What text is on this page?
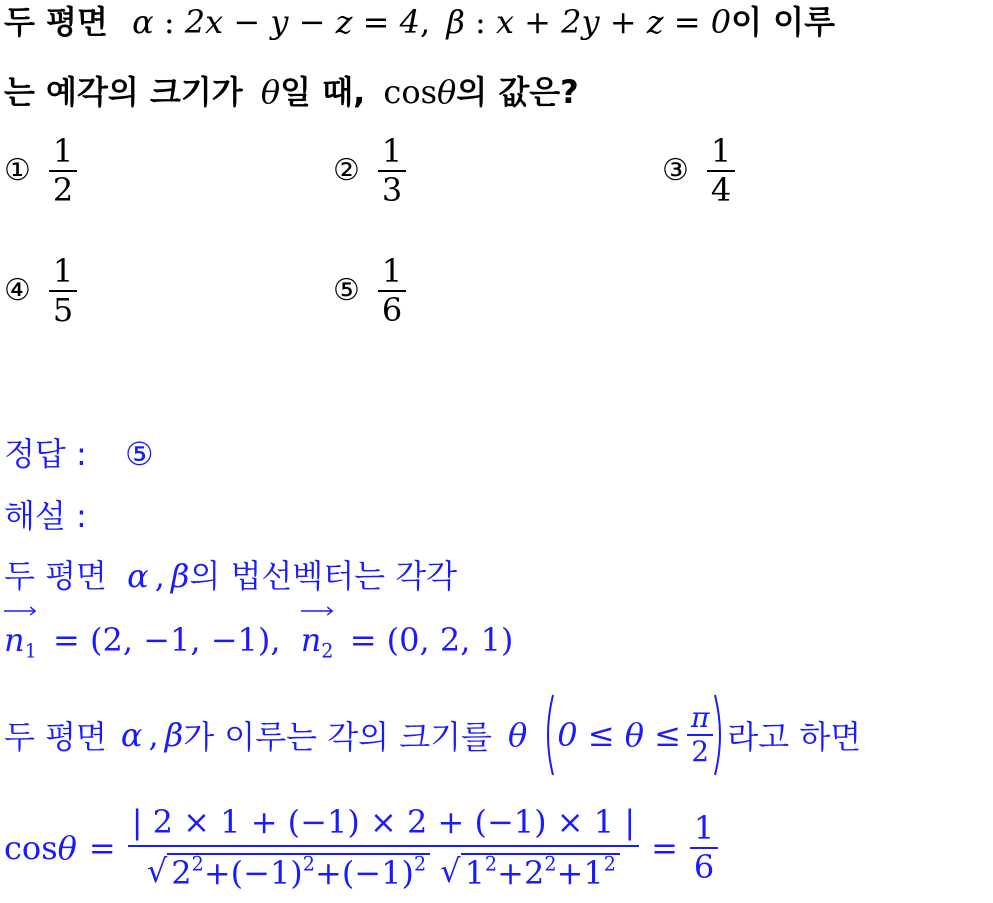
두 평면 α : 2x − y − z = 4, β : x + 2y + z = 0이 이루
는 예각의 크기가 θ일 때, cosθ의 값은?
① $\frac{1}{2}$	② $\frac{1}{3}$	③ $\frac{1}{4}$
④ $\frac{1}{5}$	⑤ $\frac{1}{6}$
정답 : ⑤
해설 :
두 평면 α , β의 법선벡터는 각각
$n_1 = (2$, −1, −1), $n_2 = (0$, 2, 1)
두 평면 α , β 가 이루는 각의 크기를 θ $0 \le \theta \le \frac{\pi}{2}$ 라고 하면
cos θ =
| 2 × 1 + (−1) × 2 + (−1) × 1 |
√ $2^2+(-1)^2+(-1)^2$ √ $1^2+2^2+1^2 = \frac{1}{6}$
